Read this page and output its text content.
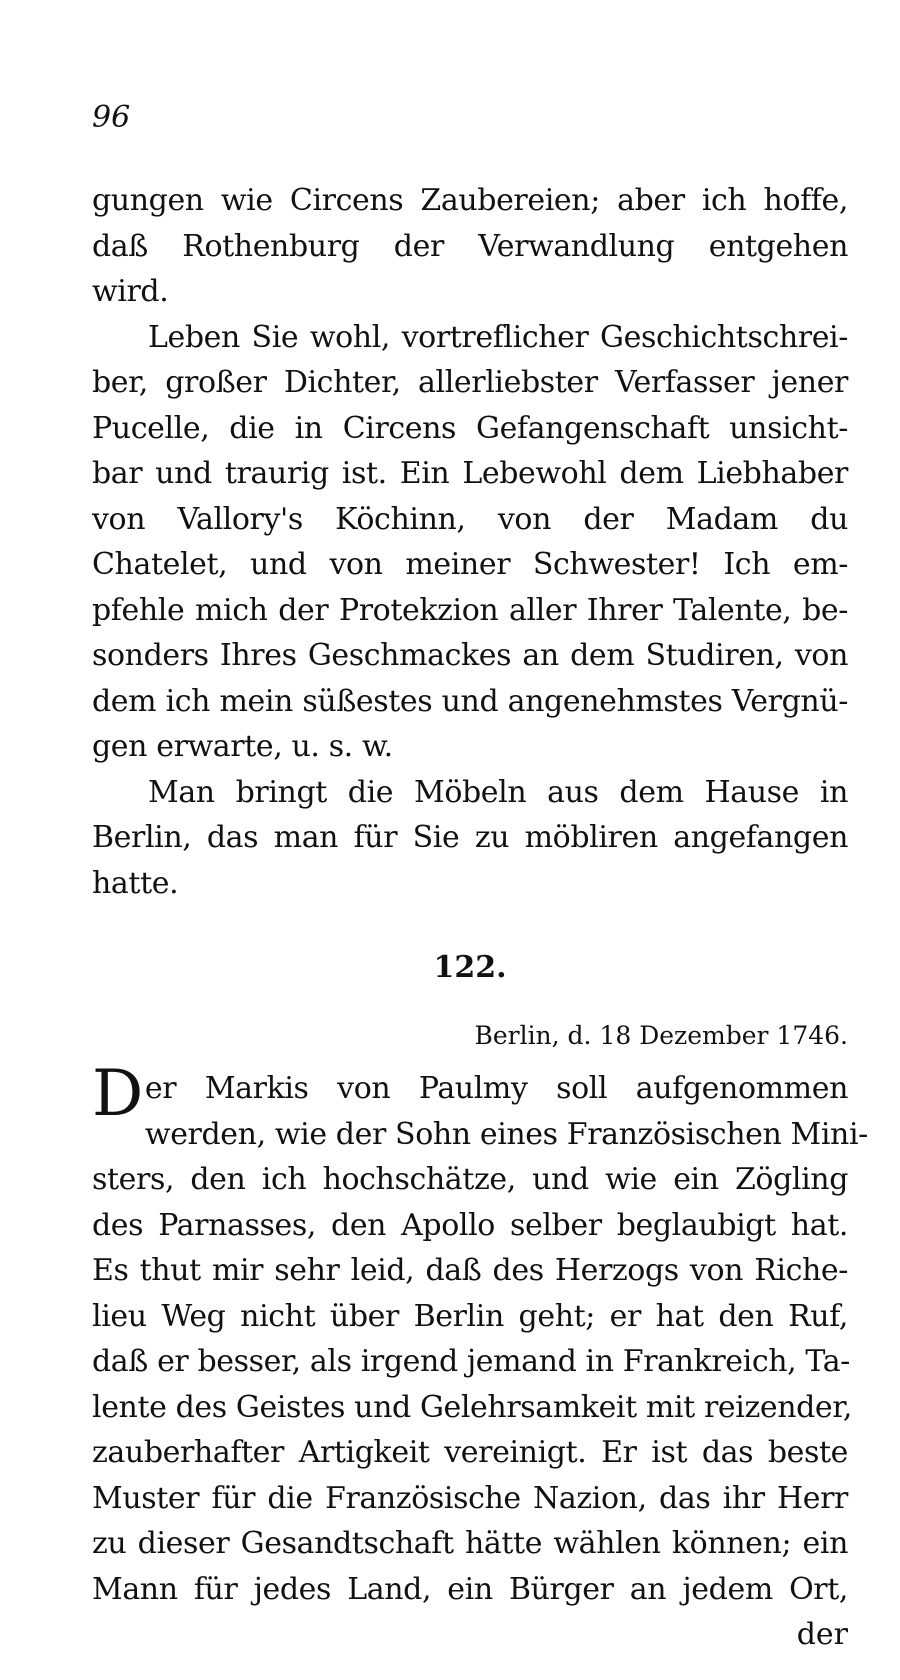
96
gungen wie Circens Zaubereien; aber ich hoffe,
daß Rothenburg der Verwandlung entgehen
wird.
Leben Sie wohl, vortreflicher Geschichtschrei-
ber, großer Dichter, allerliebster Verfasser jener
Pucelle, die in Circens Gefangenschaft unsicht-
bar und traurig ist. Ein Lebewohl dem Liebhaber
von Vallory's Köchinn, von der Madam du
Chatelet, und von meiner Schwester! Ich em-
pfehle mich der Protekzion aller Ihrer Talente, be-
sonders Ihres Geschmackes an dem Studiren, von
dem ich mein süßestes und angenehmstes Vergnü-
gen erwarte, u. s. w.
Man bringt die Möbeln aus dem Hause in
Berlin, das man für Sie zu möbliren angefangen
hatte.
122.
Berlin, d. 18 Dezember 1746.
Der Markis von Paulmy soll aufgenommen
werden, wie der Sohn eines Französischen Mini-
sters, den ich hochschätze, und wie ein Zögling
des Parnasses, den Apollo selber beglaubigt hat.
Es thut mir sehr leid, daß des Herzogs von Riche-
lieu Weg nicht über Berlin geht; er hat den Ruf,
daß er besser, als irgend jemand in Frankreich, Ta-
lente des Geistes und Gelehrsamkeit mit reizender,
zauberhafter Artigkeit vereinigt. Er ist das beste
Muster für die Französische Nazion, das ihr Herr
zu dieser Gesandtschaft hätte wählen können; ein
Mann für jedes Land, ein Bürger an jedem Ort,
der
